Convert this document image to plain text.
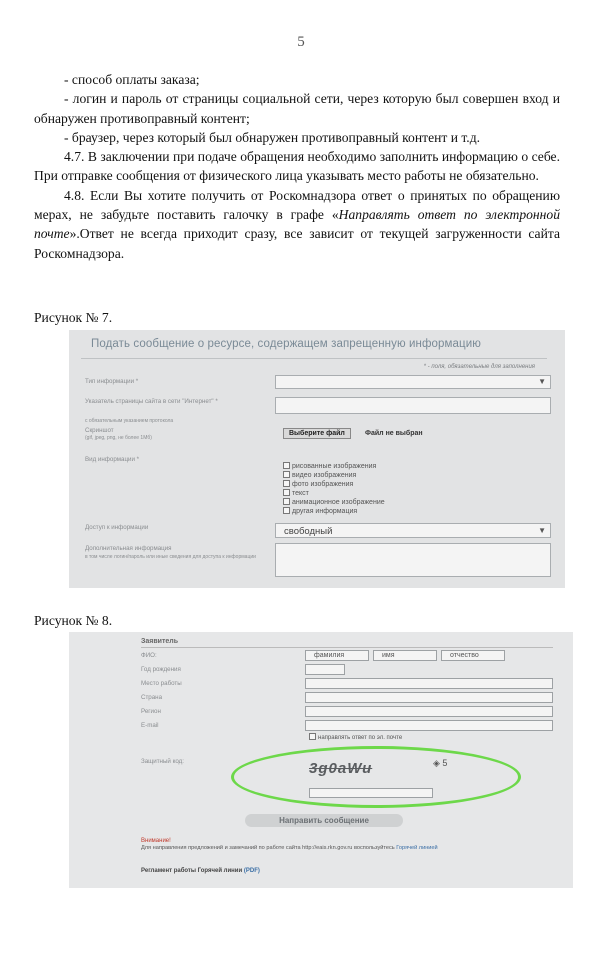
5

- способ оплаты заказа;

- логин и пароль от страницы социальной сети, через которую был совершен вход и обнаружен противоправный контент;

- браузер, через который был обнаружен противоправный контент и т.д.

4.7. В заключении при подаче обращения необходимо заполнить информацию о себе. При отправке сообщения от физического лица указывать место работы не обязательно.

4.8. Если Вы хотите получить от Роскомнадзора ответ о принятых по обращению мерах, не забудьте поставить галочку в графе «Направлять ответ по электронной почте».Ответ не всегда приходит сразу, все зависит от текущей загруженности сайта Роскомнадзора.

Рисунок № 7.
Подать сообщение о ресурсе, содержащем запрещенную информацию
* - поля, обязательные для заполнения
Тип информации *	▼
Указатель страницы сайта в сети "Интернет" *
с обязательным указанием протокола
Скриншот
(gif, jpeg, png, не более 1Мб)
Выберите файл	Файл не выбран
Вид информации *
рисованные изображения
видео изображения
фото изображения
текст
анимационное изображение
другая информация
Доступ к информации	свободный	▼
Дополнительная информация
в том числе логин/пароль или иные сведения для доступа к информации
Рисунок № 8.
Заявитель
ФИО:	фамилия	имя	отчество
Год рождения
Место работы
Страна
Регион
E-mail
направлять ответ по эл. почте
Защитный код:	3g0aWu	◈ 5
Направить сообщение
Внимание!
Для направления предложений и замечаний по работе сайта http://eais.rkn.gov.ru воспользуйтесь Горячей линией
Регламент работы Горячей линии (PDF)
